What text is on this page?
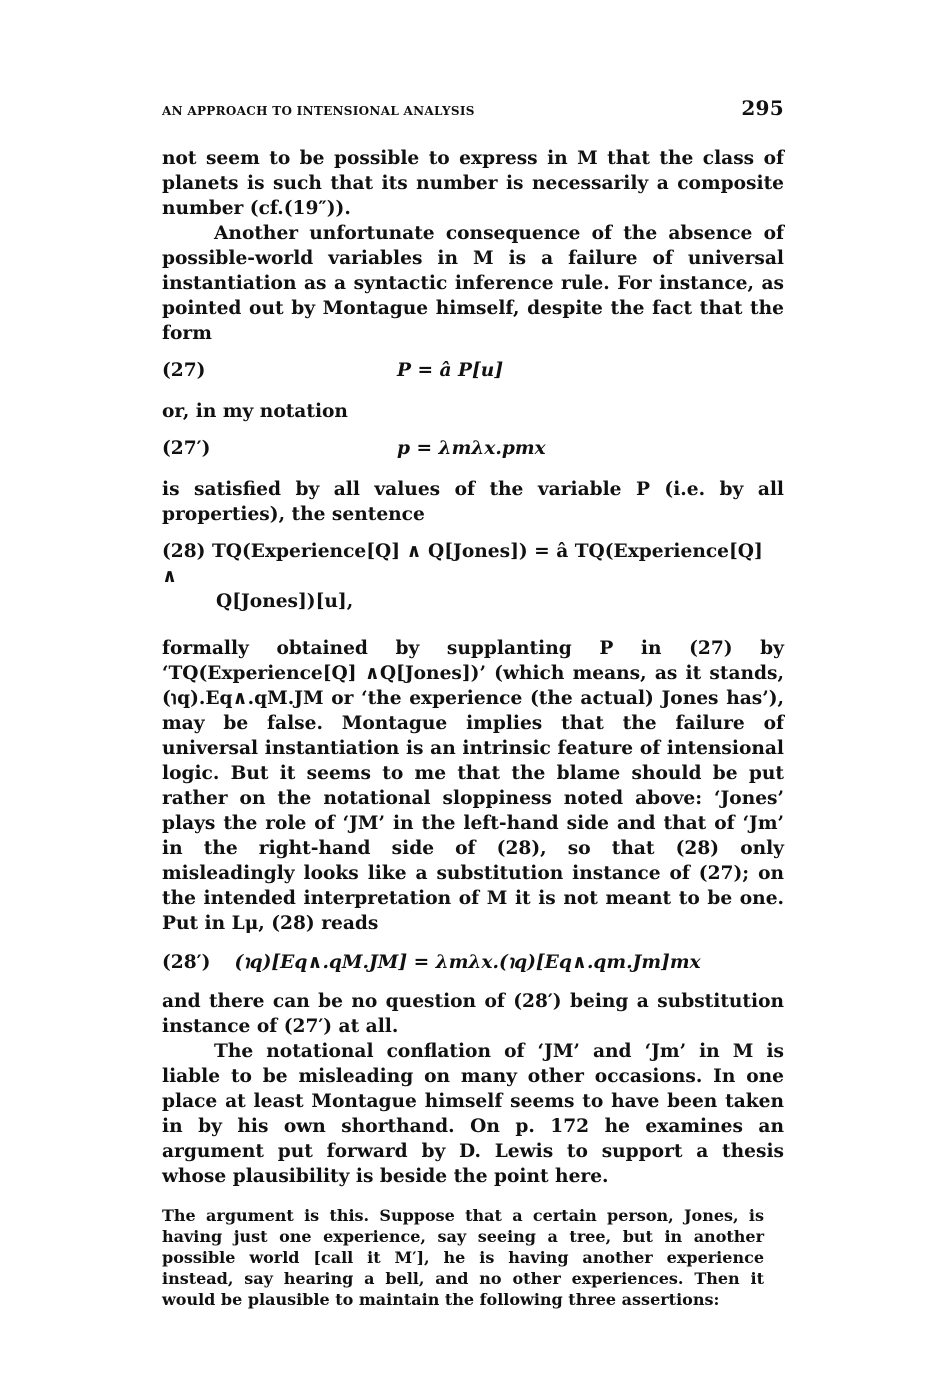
AN APPROACH TO INTENSIONAL ANALYSIS	295

not seem to be possible to express in M that the class of planets is such that its number is necessarily a composite number (cf.(19″)).

Another unfortunate consequence of the absence of possible-world variables in M is a failure of universal instantiation as a syntactic inference rule. For instance, as pointed out by Montague himself, despite the fact that the form

(27)	P = â P[u]

or, in my notation

(27′)	p = λmλx.pmx

is satisfied by all values of the variable P (i.e. by all properties), the sentence

(28) TQ(Experience[Q] ∧ Q[Jones]) = â TQ(Experience[Q] ∧
Q[Jones])[u],

formally obtained by supplanting P in (27) by ‘TQ(Experience[Q] ∧Q[Jones])’ (which means, as it stands, (℩q).Eq∧.qM.JM or ‘the experience (the actual) Jones has’), may be false. Montague implies that the failure of universal instantiation is an intrinsic feature of intensional logic. But it seems to me that the blame should be put rather on the notational sloppiness noted above: ‘Jones’ plays the role of ‘JM’ in the left-hand side and that of ‘Jm’ in the right-hand side of (28), so that (28) only misleadingly looks like a substitution instance of (27); on the intended interpretation of M it is not meant to be one. Put in Lμ, (28) reads

(28′) (℩q)[Eq∧.qM.JM] = λmλx.(℩q)[Eq∧.qm.Jm]mx

and there can be no question of (28′) being a substitution instance of (27′) at all.

The notational conflation of ‘JM’ and ‘Jm’ in M is liable to be misleading on many other occasions. In one place at least Montague himself seems to have been taken in by his own shorthand. On p. 172 he examines an argument put forward by D. Lewis to support a thesis whose plausibility is beside the point here.

The argument is this. Suppose that a certain person, Jones, is having just one experience, say seeing a tree, but in another possible world [call it M′], he is having another experience instead, say hearing a bell, and no other experiences. Then it would be plausible to maintain the following three assertions:
